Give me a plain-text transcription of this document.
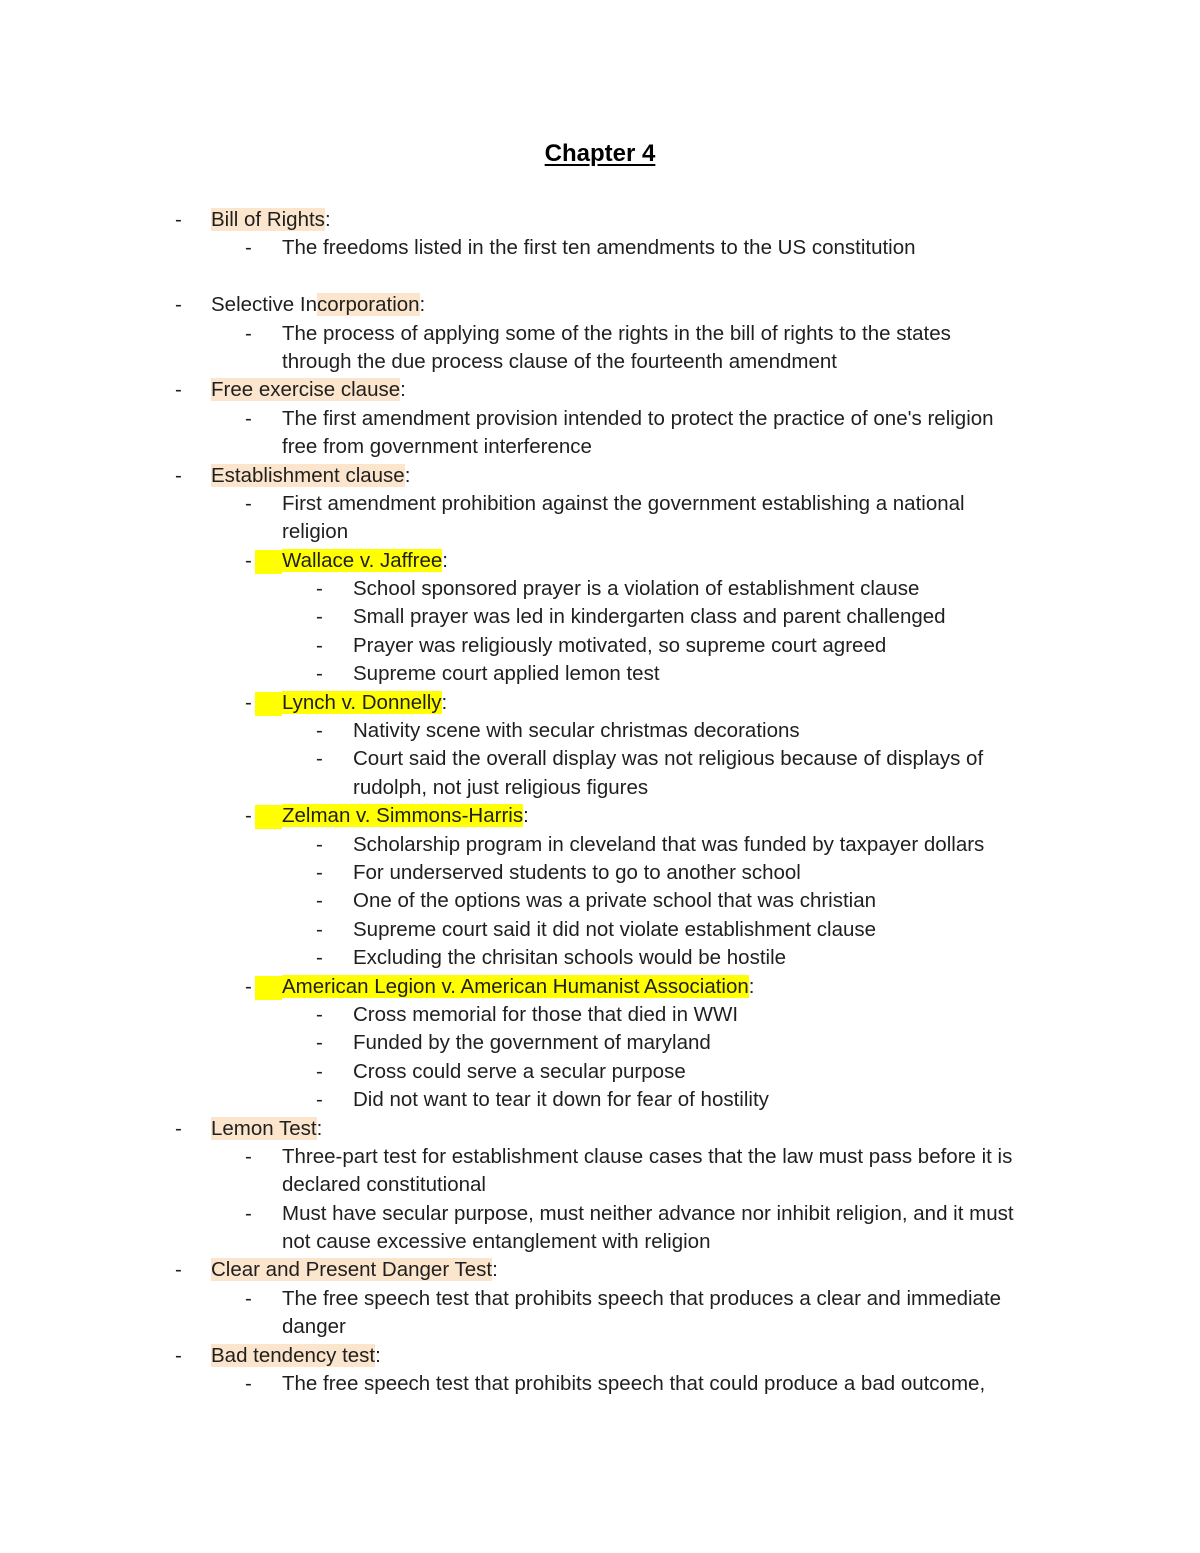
Chapter 4
-	Bill of Rights:
-	The freedoms listed in the first ten amendments to the US constitution
-	Selective Incorporation:
-	The process of applying some of the rights in the bill of rights to the states
through the due process clause of the fourteenth amendment
-	Free exercise clause:
-	The first amendment provision intended to protect the practice of one's religion
free from government interference
-	Establishment clause:
-	First amendment prohibition against the government establishing a national
religion
-	Wallace v. Jaffree:
-	School sponsored prayer is a violation of establishment clause
-	Small prayer was led in kindergarten class and parent challenged
-	Prayer was religiously motivated, so supreme court agreed
-	Supreme court applied lemon test
-	Lynch v. Donnelly:
-	Nativity scene with secular christmas decorations
-	Court said the overall display was not religious because of displays of
rudolph, not just religious figures
-	Zelman v. Simmons-Harris:
-	Scholarship program in cleveland that was funded by taxpayer dollars
-	For underserved students to go to another school
-	One of the options was a private school that was christian
-	Supreme court said it did not violate establishment clause
-	Excluding the chrisitan schools would be hostile
-	American Legion v. American Humanist Association:
-	Cross memorial for those that died in WWI
-	Funded by the government of maryland
-	Cross could serve a secular purpose
-	Did not want to tear it down for fear of hostility
-	Lemon Test:
-	Three-part test for establishment clause cases that the law must pass before it is
declared constitutional
-	Must have secular purpose, must neither advance nor inhibit religion, and it must
not cause excessive entanglement with religion
-	Clear and Present Danger Test:
-	The free speech test that prohibits speech that produces a clear and immediate
danger
-	Bad tendency test:
-	The free speech test that prohibits speech that could produce a bad outcome,
